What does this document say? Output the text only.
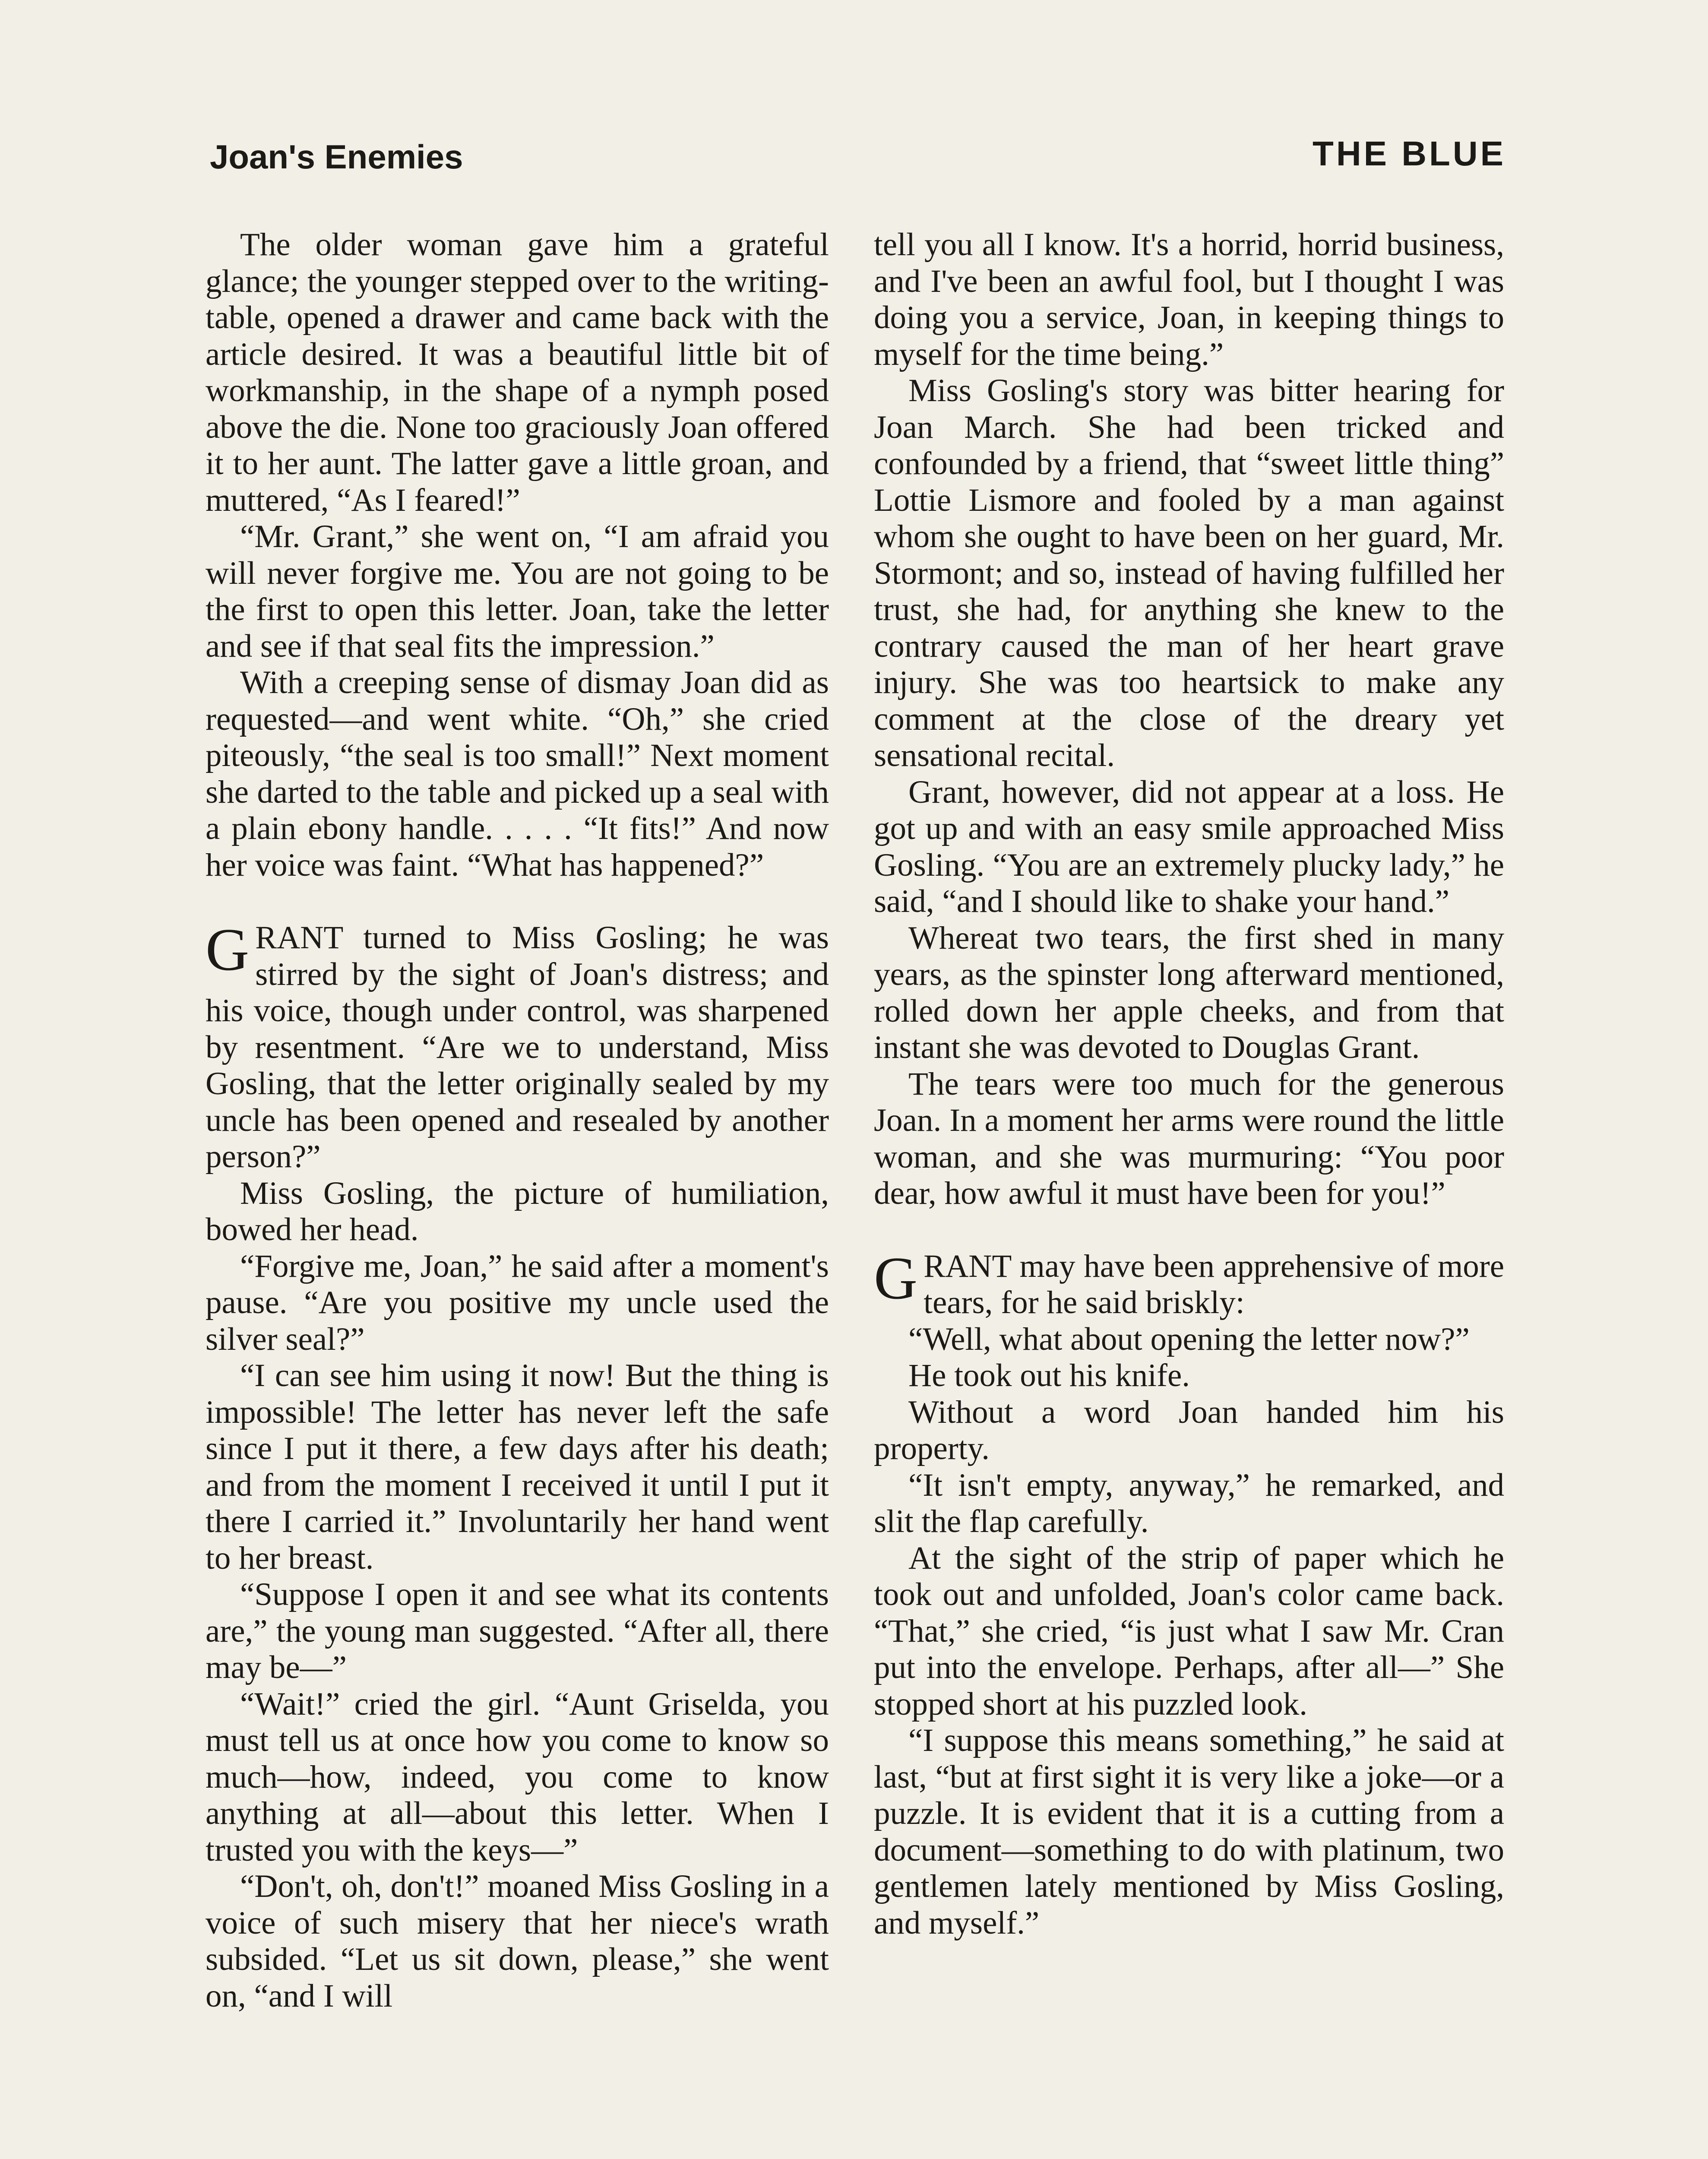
Joan's Enemies	THE BLUE

The older woman gave him a grateful glance; the younger stepped over to the writing-table, opened a drawer and came back with the article desired. It was a beautiful little bit of workmanship, in the shape of a nymph posed above the die. None too graciously Joan offered it to her aunt. The latter gave a little groan, and muttered, “As I feared!”

“Mr. Grant,” she went on, “I am afraid you will never forgive me. You are not going to be the first to open this letter. Joan, take the letter and see if that seal fits the impression.”

With a creeping sense of dismay Joan did as requested—and went white. “Oh,” she cried piteously, “the seal is too small!” Next moment she darted to the table and picked up a seal with a plain ebony handle. . . . . “It fits!” And now her voice was faint. “What has happened?”

GRANT turned to Miss Gosling; he was stirred by the sight of Joan's distress; and his voice, though under control, was sharpened by resentment. “Are we to understand, Miss Gosling, that the letter originally sealed by my uncle has been opened and resealed by another person?”

Miss Gosling, the picture of humiliation, bowed her head.

“Forgive me, Joan,” he said after a moment's pause. “Are you positive my uncle used the silver seal?”

“I can see him using it now! But the thing is impossible! The letter has never left the safe since I put it there, a few days after his death; and from the moment I received it until I put it there I carried it.” Involuntarily her hand went to her breast.

“Suppose I open it and see what its contents are,” the young man suggested. “After all, there may be—”

“Wait!” cried the girl. “Aunt Griselda, you must tell us at once how you come to know so much—how, indeed, you come to know anything at all—about this letter. When I trusted you with the keys—”

“Don't, oh, don't!” moaned Miss Gosling in a voice of such misery that her niece's wrath subsided. “Let us sit down, please,” she went on, “and I will

tell you all I know. It's a horrid, horrid business, and I've been an awful fool, but I thought I was doing you a service, Joan, in keeping things to myself for the time being.”

Miss Gosling's story was bitter hearing for Joan March. She had been tricked and confounded by a friend, that “sweet little thing” Lottie Lismore and fooled by a man against whom she ought to have been on her guard, Mr. Stormont; and so, instead of having fulfilled her trust, she had, for anything she knew to the contrary caused the man of her heart grave injury. She was too heartsick to make any comment at the close of the dreary yet sensational recital.

Grant, however, did not appear at a loss. He got up and with an easy smile approached Miss Gosling. “You are an extremely plucky lady,” he said, “and I should like to shake your hand.”

Whereat two tears, the first shed in many years, as the spinster long afterward mentioned, rolled down her apple cheeks, and from that instant she was devoted to Douglas Grant.

The tears were too much for the generous Joan. In a moment her arms were round the little woman, and she was murmuring: “You poor dear, how awful it must have been for you!”

GRANT may have been apprehensive of more tears, for he said briskly:

“Well, what about opening the letter now?”

He took out his knife.

Without a word Joan handed him his property.

“It isn't empty, anyway,” he remarked, and slit the flap carefully.

At the sight of the strip of paper which he took out and unfolded, Joan's color came back. “That,” she cried, “is just what I saw Mr. Cran put into the envelope. Perhaps, after all—” She stopped short at his puzzled look.

“I suppose this means something,” he said at last, “but at first sight it is very like a joke—or a puzzle. It is evident that it is a cutting from a document—something to do with platinum, two gentlemen lately mentioned by Miss Gosling, and myself.”
